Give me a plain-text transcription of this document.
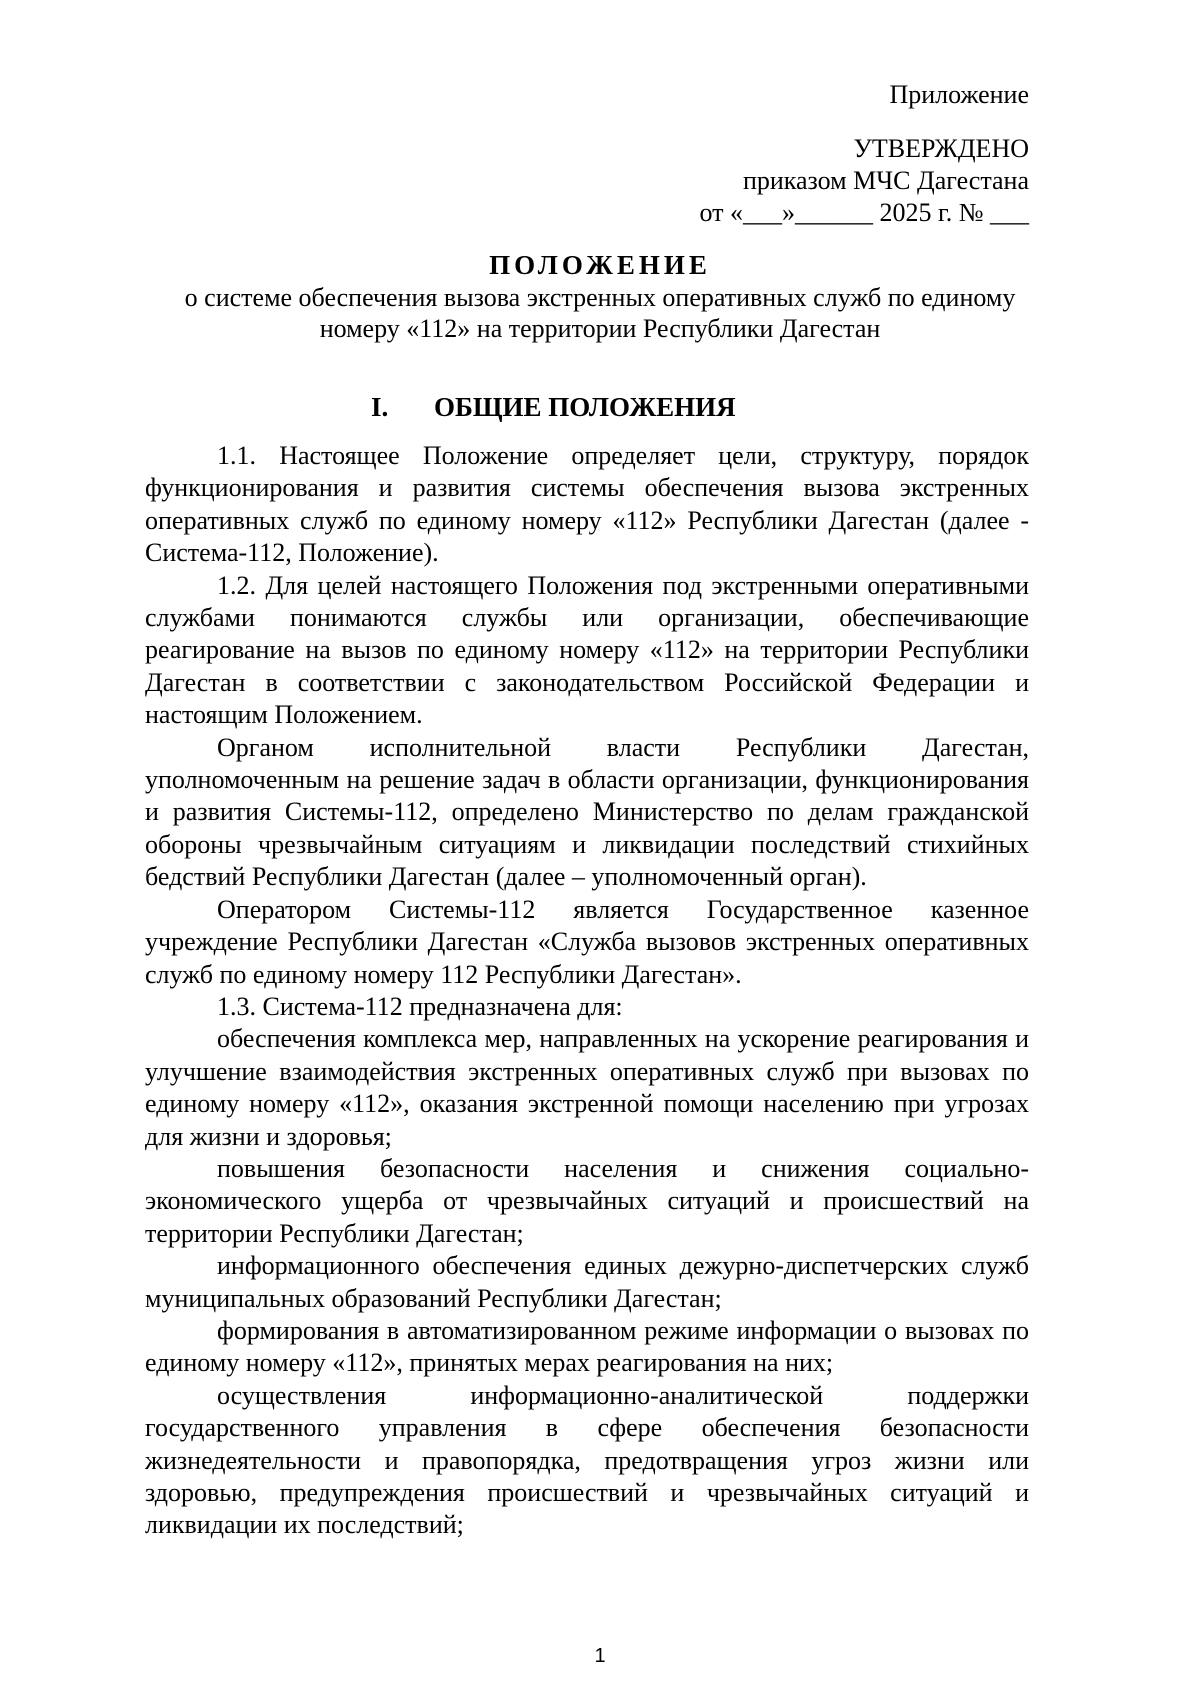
Приложение
УТВЕРЖДЕНО
приказом МЧС Дагестана
от «___»______ 2025 г. № ___
ПОЛОЖЕНИЕ
о системе обеспечения вызова экстренных оперативных служб по единому
номеру «112» на территории Республики Дагестан
I. ОБЩИЕ ПОЛОЖЕНИЯ

1.1. Настоящее Положение определяет цели, структуру, порядок функционирования и развития системы обеспечения вызова экстренных оперативных служб по единому номеру «112» Республики Дагестан (далее - Система-112, Положение).

1.2. Для целей настоящего Положения под экстренными оперативными службами понимаются службы или организации, обеспечивающие реагирование на вызов по единому номеру «112» на территории Республики Дагестан в соответствии с законодательством Российской Федерации и настоящим Положением.

Органом исполнительной власти Республики Дагестан, уполномоченным на решение задач в области организации, функционирования и развития Системы-112, определено Министерство по делам гражданской обороны чрезвычайным ситуациям и ликвидации последствий стихийных бедствий Республики Дагестан (далее – уполномоченный орган).

Оператором Системы-112 является Государственное казенное учреждение Республики Дагестан «Служба вызовов экстренных оперативных служб по единому номеру 112 Республики Дагестан».

1.3. Система-112 предназначена для:

обеспечения комплекса мер, направленных на ускорение реагирования и улучшение взаимодействия экстренных оперативных служб при вызовах по единому номеру «112», оказания экстренной помощи населению при угрозах для жизни и здоровья;

повышения безопасности населения и снижения социально-экономического ущерба от чрезвычайных ситуаций и происшествий на территории Республики Дагестан;

информационного обеспечения единых дежурно-диспетчерских служб муниципальных образований Республики Дагестан;

формирования в автоматизированном режиме информации о вызовах по единому номеру «112», принятых мерах реагирования на них;

осуществления информационно-аналитической поддержки государственного управления в сфере обеспечения безопасности жизнедеятельности и правопорядка, предотвращения угроз жизни или здоровью, предупреждения происшествий и чрезвычайных ситуаций и ликвидации их последствий;

1
